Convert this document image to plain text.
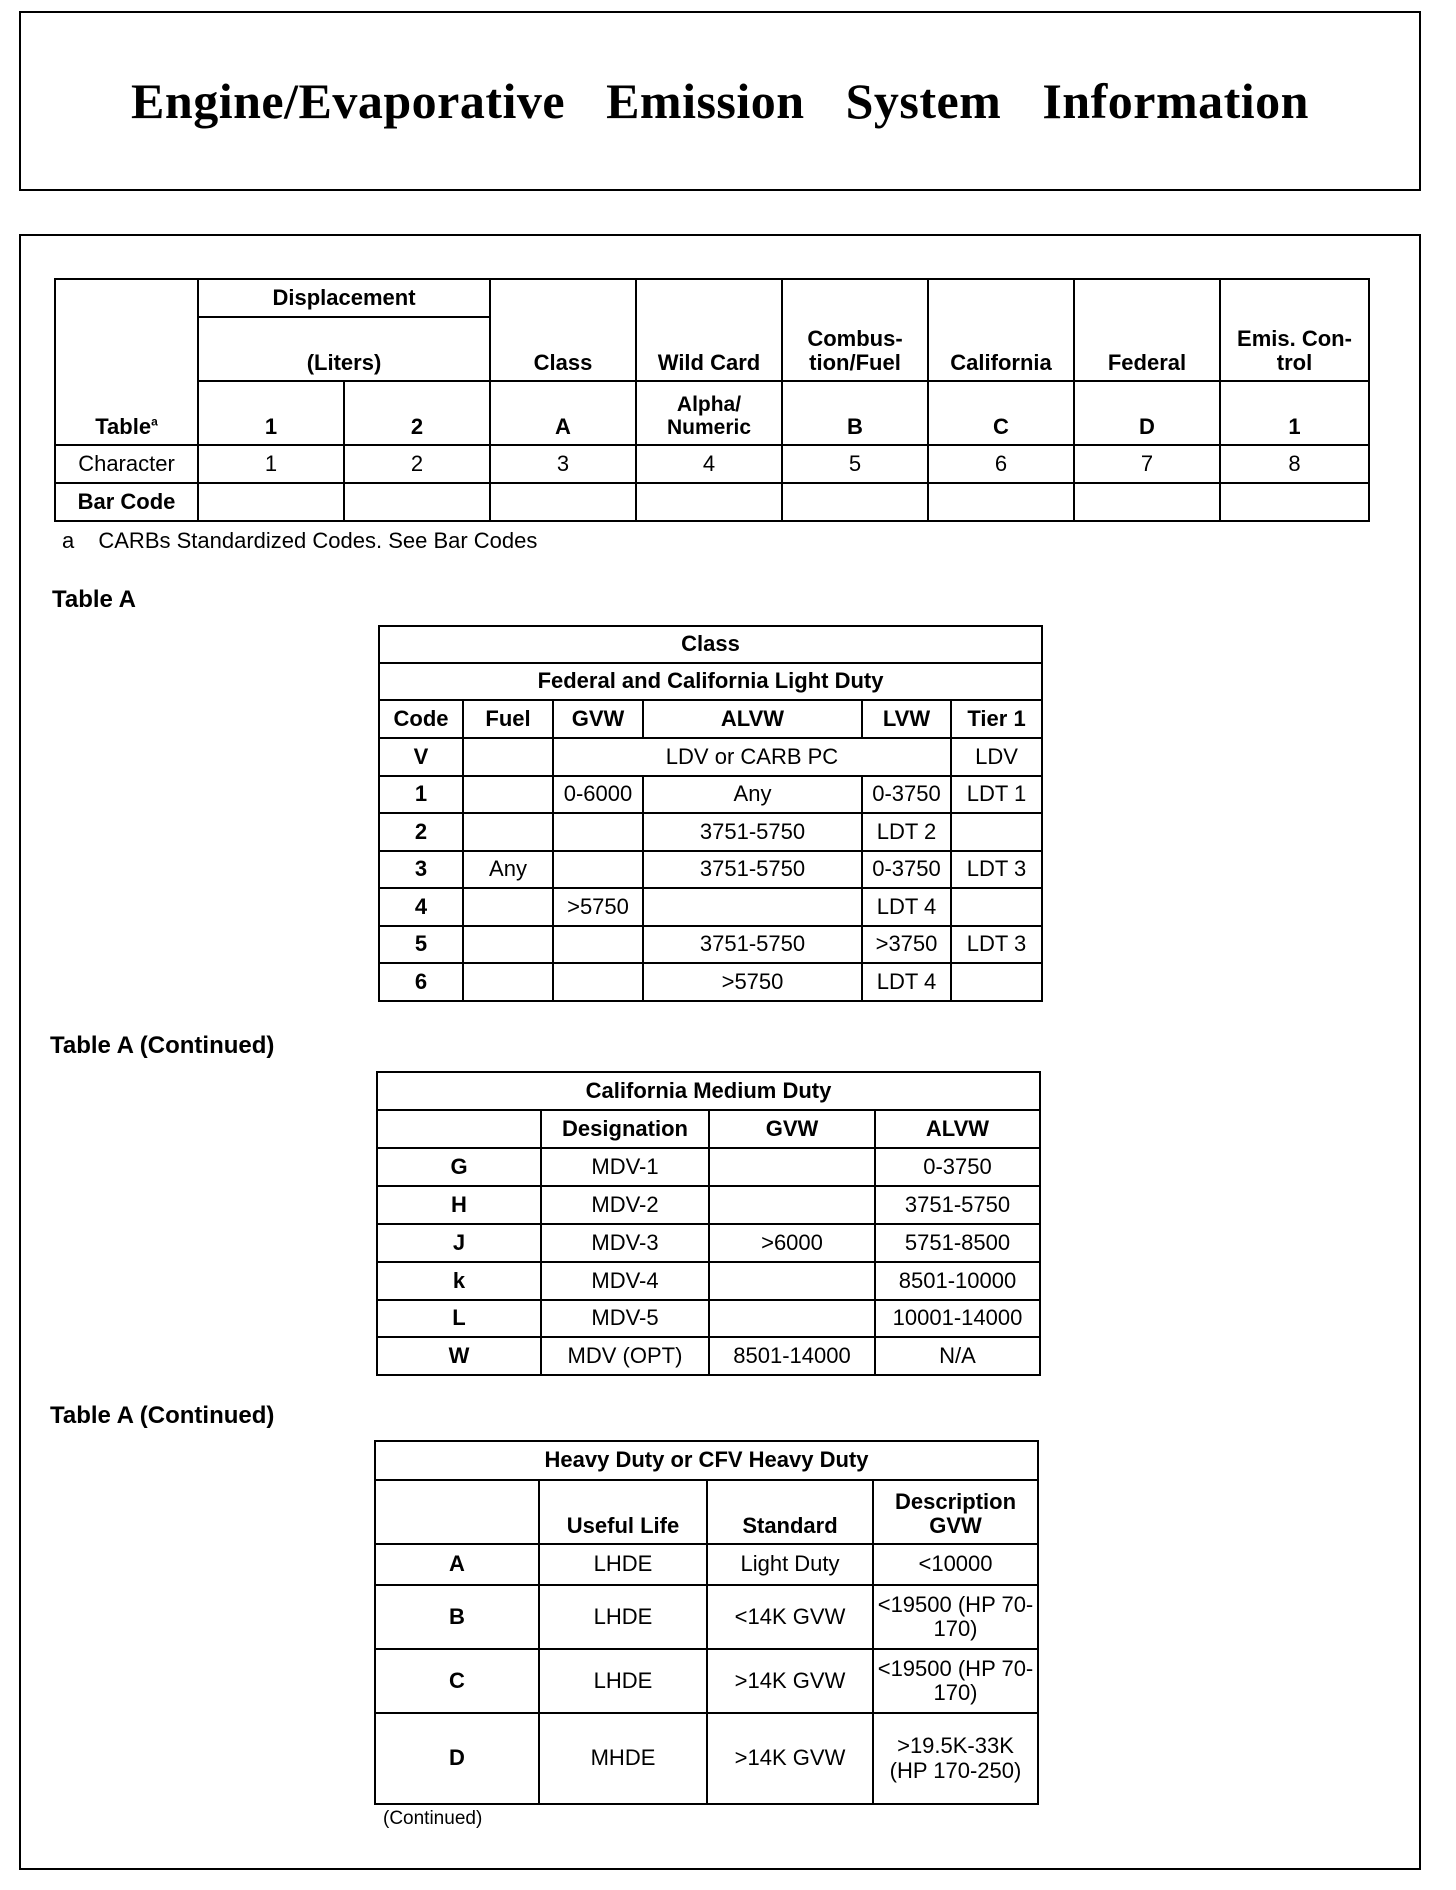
Engine/Evaporative Emission System Information
	Displacement		Class	Wild Card	Combus-tion/Fuel	California	Federal	Emis. Con-trol
	(Liters)							
Table$^a$	1	2	A	Alpha/ Numeric	B	C	D	1
Character	1	2	3	4	5	6	7	8
Bar Code								
a CARBs Standardized Codes. See Bar Codes

Table A

Class					
Federal and California Light Duty					
Code	Fuel	GVW	ALVW	LVW	Tier 1
V		LDV or CARB PC			LDV
1		0-6000	Any	0-3750	LDT 1
2			3751-5750	LDT 2	
3	Any		3751-5750	0-3750	LDT 3
4		>5750		LDT 4	
5			3751-5750	>3750	LDT 3
6			>5750	LDT 4	

Table A (Continued)

California Medium Duty			
	Designation	GVW	ALVW
G	MDV-1		0-3750
H	MDV-2		3751-5750
J	MDV-3	>6000	5751-8500
k	MDV-4		8501-10000
L	MDV-5		10001-14000
W	MDV (OPT)	8501-14000	N/A

Table A (Continued)

Heavy Duty or CFV Heavy Duty			
	Useful Life	Standard	Description GVW
A	LHDE	Light Duty	<10000
B	LHDE	<14K GVW	<19500 (HP 70-170)
C	LHDE	>14K GVW	<19500 (HP 70-170)
D	MHDE	>14K GVW	>19.5K-33K (HP 170-250)
(Continued)
